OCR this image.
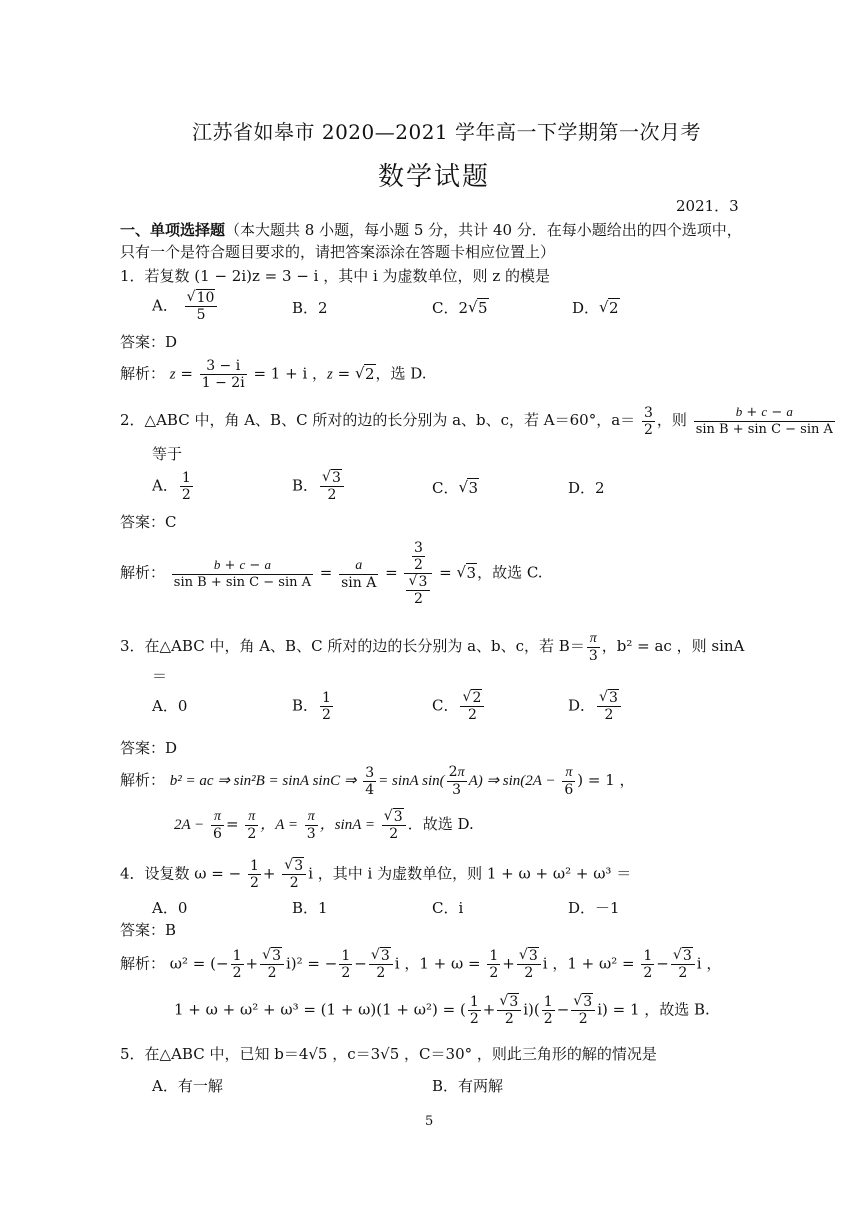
江苏省如皋市 2020—2021 学年高一下学期第一次月考
数学试题
2021．3
一、单项选择题（本大题共 8 小题，每小题 5 分，共计 40 分．在每小题给出的四个选项中，
只有一个是符合题目要求的，请把答案添涂在答题卡相应位置上）
1．若复数 (1 − 2i)z = 3 − i ，其中 i 为虚数单位，则 z 的模是
A． √ $\frac{10}{5}$	B．2	C．2 √ 5	D． √ 2
答案：D
解析： $z = \frac{3 - i}{1 - 2i} = 1 + i$ ，z = √ 2，选 D.
2．△ABC 中，角 A、B、C 所对的边的长分别为 a、b、c，若 A＝60°，$a= \frac{3}{2}$ ，则 $\frac{b + c - a}{\text{sin B + sin C − sin A}}$
等于
A． $\frac{1}{2}$	B． √ $\frac{3}{2}$	C． √ 3	D．2
答案：C
解析： $\frac{b + c - a}{\text{sin B + sin C − sin A}} = \frac{a}{\text{sin A}} = \frac{3}{2}$
√ $\frac{3}{2}$ = √ 3，故选 C.
3．在△ABC 中，角 A、B、C 所对的边的长分别为 a、b、c，若 $B= \frac{\pi}{3}$ ，b² = ac ，则 sinA
＝
A．0	B． $\frac{1}{2}$	C． √ $\frac{2}{2}$	D． √ $\frac{3}{2}$
答案：D
解析： b² = ac ⇒ sin²B = sinA sinC ⇒ $\frac{3}{4} = \sin A$ $\sin( \frac{2\pi}{3} A)$ ⇒ $\sin(2A - \frac{\pi}{6}$ ) = 1 ，
$2A - \frac{\pi}{6} = \frac{\pi}{2}$ ，$A = \frac{\pi}{3}$ ，sinA = √ $\frac{3}{2}$ ．故选 D.
4．设复数 ω = − $\frac{1}{2}$ + √ $\frac{3}{2}$ i ，其中 i 为虚数单位，则 1 + ω + ω² + ω³ ＝
A．0	B．1	C．i	D．－1
答案：B
解析： ω² = (− $\frac{1}{2}$ + √ $\frac{3}{2} i)^2$ = − $\frac{1}{2}$ − √ $\frac{3}{2}$ i ，$1 + \omega = \frac{1}{2}$ + √ $\frac{3}{2}$ i ，$1 + \omega^2 = \frac{1}{2}$ − √ $\frac{3}{2}$ i ，
1 + ω + ω² + ω³ = (1 + ω)(1 + ω²) = ( $\frac{1}{2}$ + √ $\frac{3}{2} i)( \frac{1}{2}$ − √ $\frac{3}{2} i) = 1$ ，故选 B.
5．在△ABC 中，已知 b＝4√5 ，c＝3√5 ，C＝30° ，则此三角形的解的情况是
A．有一解	B．有两解
5
